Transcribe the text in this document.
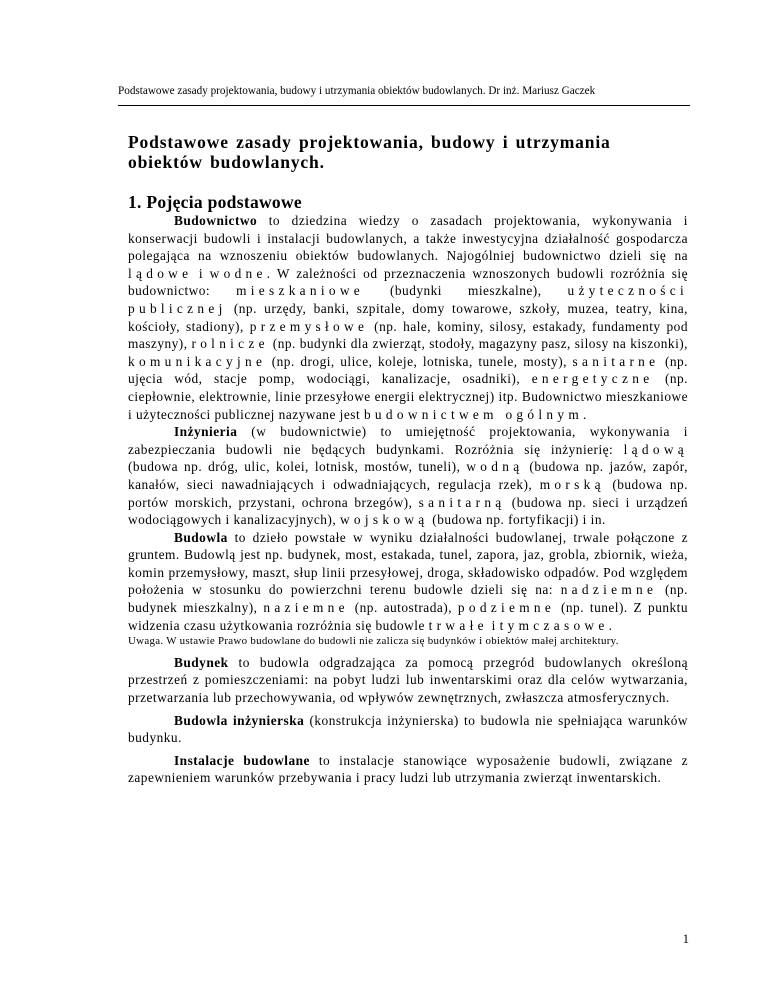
Podstawowe zasady projektowania, budowy i utrzymania obiektów budowlanych. Dr inż. Mariusz Gaczek
Podstawowe zasady projektowania, budowy i utrzymania obiektów budowlanych.
1. Pojęcia podstawowe

Budownictwo to dziedzina wiedzy o zasadach projektowania, wykonywania i konserwacji budowli i instalacji budowlanych, a także inwestycyjna działalność gospodarcza polegająca na wznoszeniu obiektów budowlanych. Najogólniej budownictwo dzieli się na lądowe i wodne. W zależności od przeznaczenia wznoszonych budowli rozróżnia się budownictwo: mieszkaniowe (budynki mieszkalne), użyteczności publicznej (np. urzędy, banki, szpitale, domy towarowe, szkoły, muzea, teatry, kina, kościoły, stadiony), przemysłowe (np. hale, kominy, silosy, estakady, fundamenty pod maszyny), rolnicze (np. budynki dla zwierząt, stodoły, magazyny pasz, silosy na kiszonki), komunikacyjne (np. drogi, ulice, koleje, lotniska, tunele, mosty), sanitarne (np. ujęcia wód, stacje pomp, wodociągi, kanalizacje, osadniki), energetyczne (np. ciepłownie, elektrownie, linie przesyłowe energii elektrycznej) itp. Budownictwo mieszkaniowe i użyteczności publicznej nazywane jest budownictwem ogólnym.

Inżynieria (w budownictwie) to umiejętność projektowania, wykonywania i zabezpieczania budowli nie będących budynkami. Rozróżnia się inżynierię: lądową (budowa np. dróg, ulic, kolei, lotnisk, mostów, tuneli), wodną (budowa np. jazów, zapór, kanałów, sieci nawadniających i odwadniających, regulacja rzek), morską (budowa np. portów morskich, przystani, ochrona brzegów), sanitarną (budowa np. sieci i urządzeń wodociągowych i kanalizacyjnych), wojskową (budowa np. fortyfikacji) i in.

Budowla to dzieło powstałe w wyniku działalności budowlanej, trwale połączone z gruntem. Budowlą jest np. budynek, most, estakada, tunel, zapora, jaz, grobla, zbiornik, wieża, komin przemysłowy, maszt, słup linii przesyłowej, droga, składowisko odpadów. Pod względem położenia w stosunku do powierzchni terenu budowle dzieli się na: nadziemne (np. budynek mieszkalny), naziemne (np. autostrada), podziemne (np. tunel). Z punktu widzenia czasu użytkowania rozróżnia się budowle trwałe i tymczasowe.

Uwaga. W ustawie Prawo budowlane do budowli nie zalicza się budynków i obiektów małej architektury.

Budynek to budowla odgradzająca za pomocą przegród budowlanych określoną przestrzeń z pomieszczeniami: na pobyt ludzi lub inwentarskimi oraz dla celów wytwarzania, przetwarzania lub przechowywania, od wpływów zewnętrznych, zwłaszcza atmosferycznych.

Budowla inżynierska (konstrukcja inżynierska) to budowla nie spełniająca warunków budynku.

Instalacje budowlane to instalacje stanowiące wyposażenie budowli, związane z zapewnieniem warunków przebywania i pracy ludzi lub utrzymania zwierząt inwentarskich.

1
